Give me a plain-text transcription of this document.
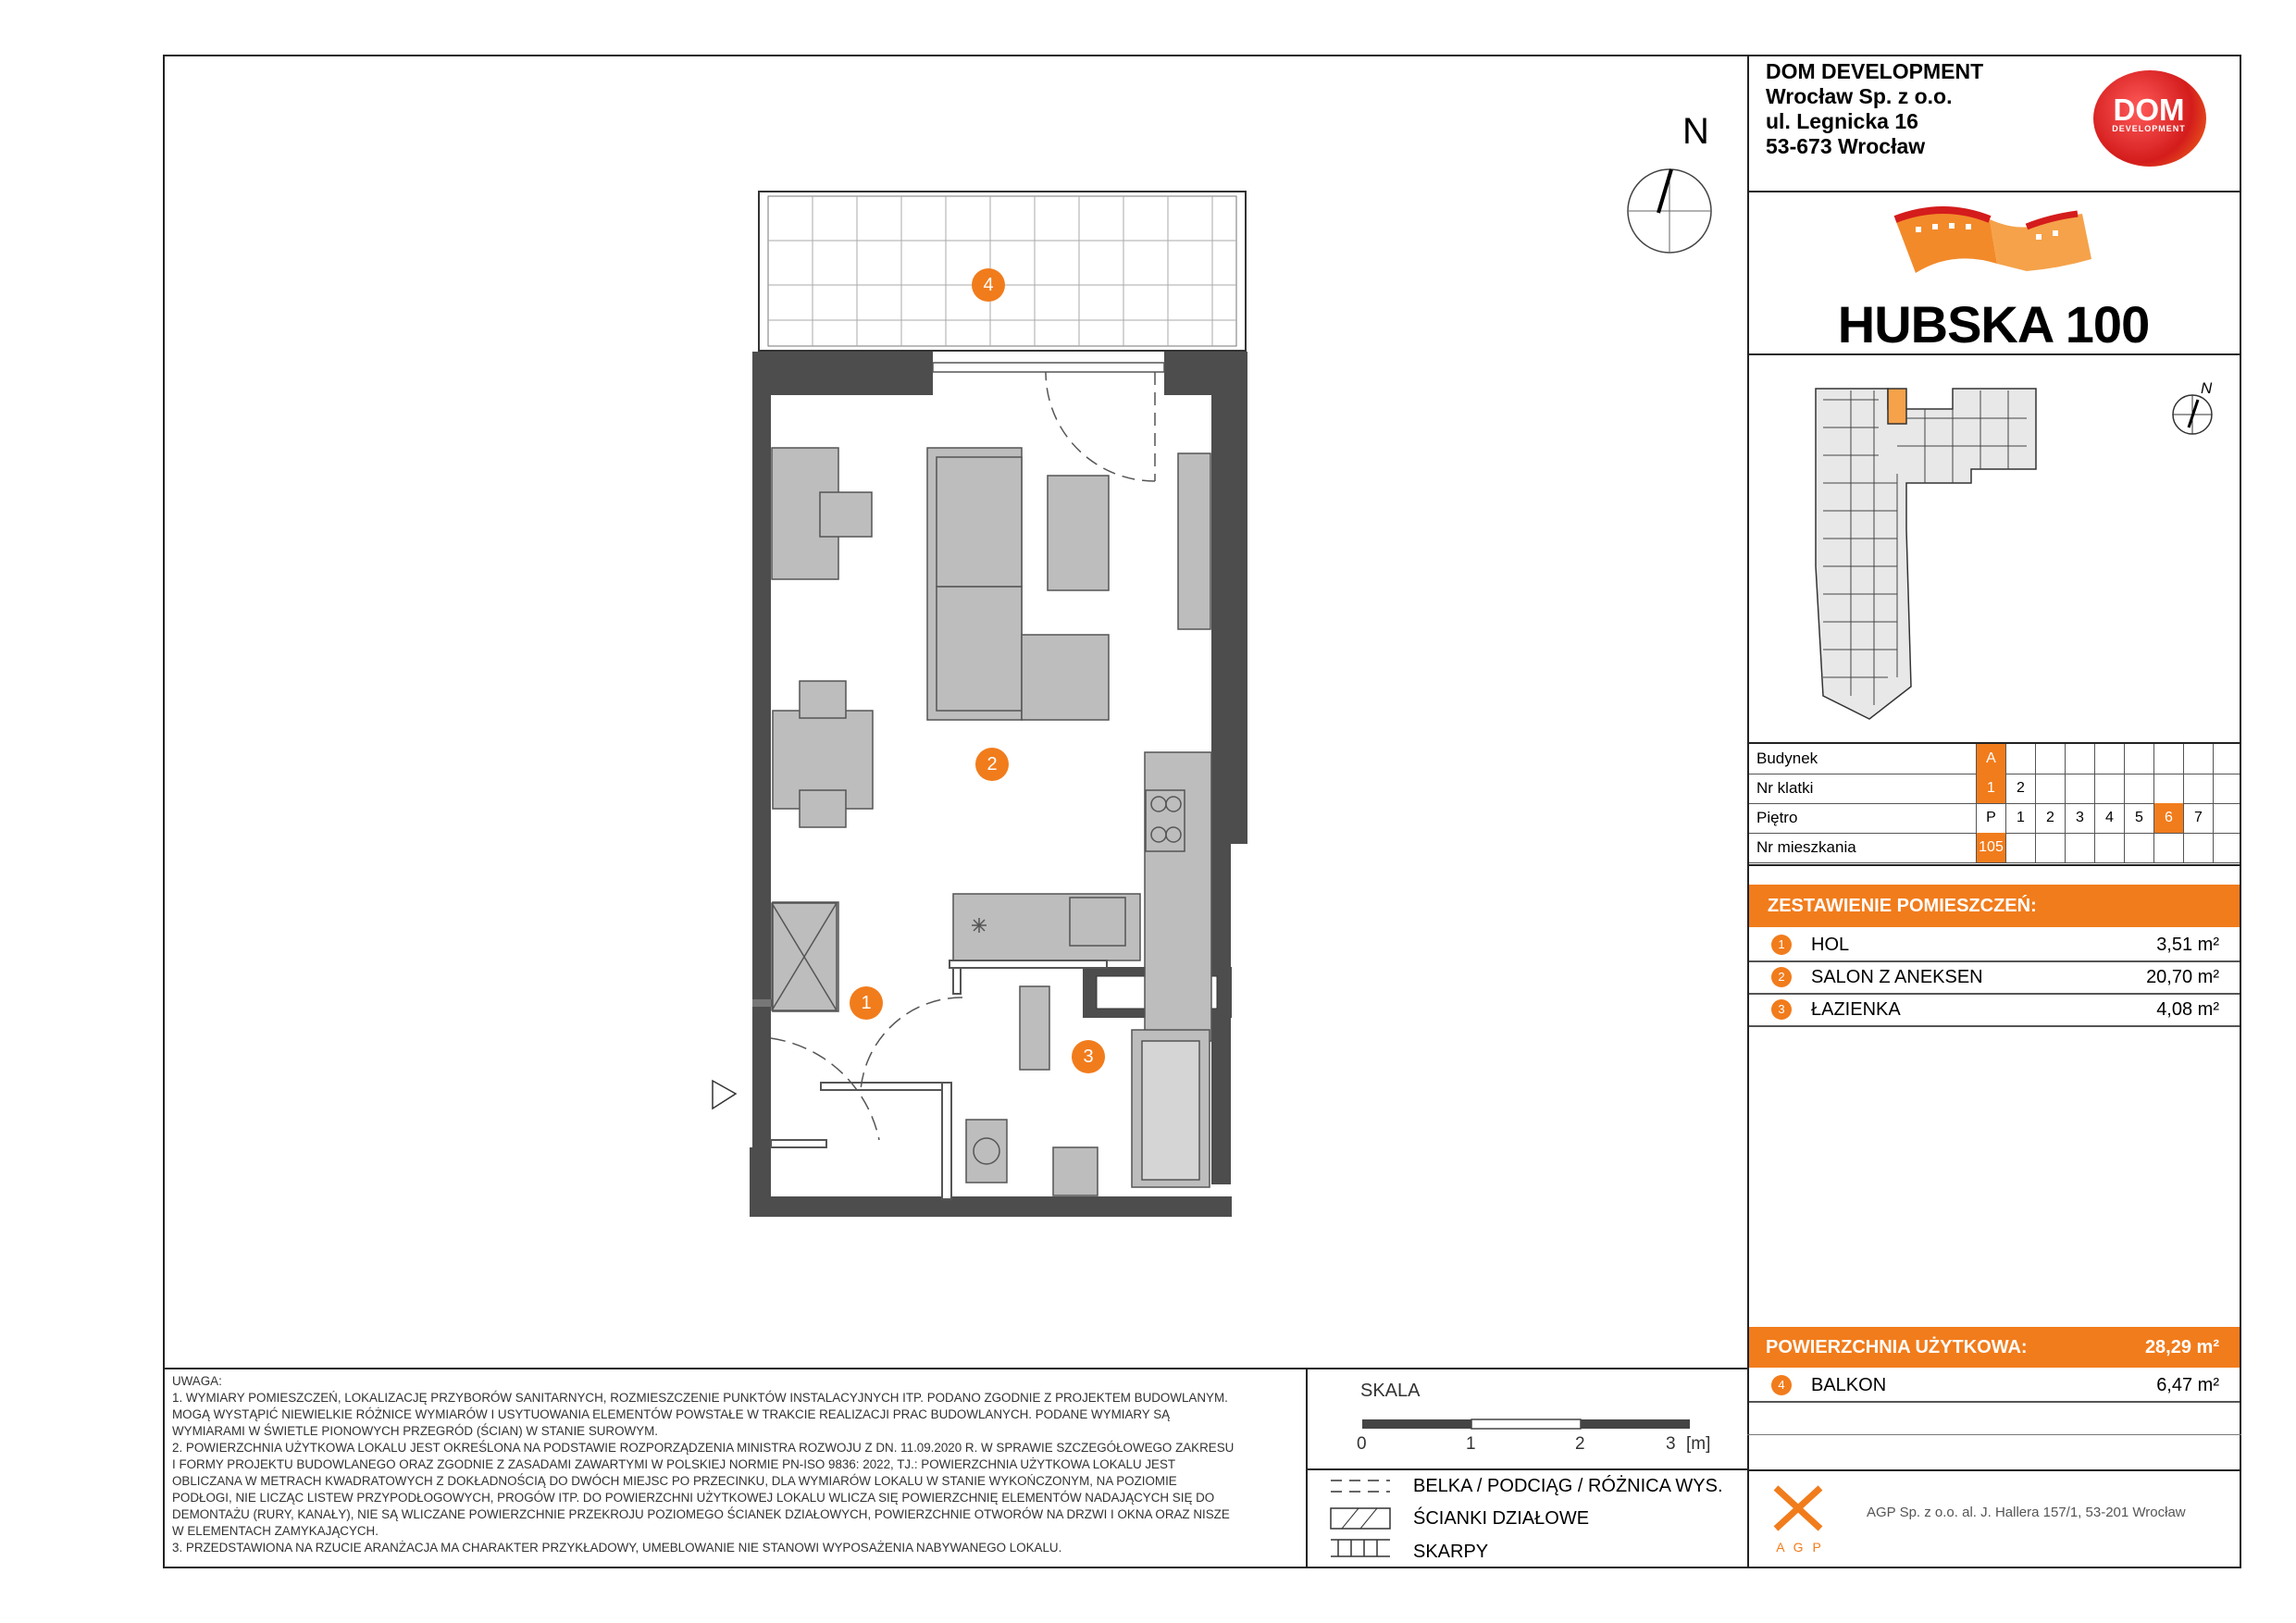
DOM DEVELOPMENT
Wrocław Sp. z o.o.
ul. Legnicka 16
53-673 Wrocław
DOM
DEVELOPMENT
HUBSKA 100
N
Budynek	A
Nr klatki	1	2
Piętro	P	1	2	3	4	5	6	7
Nr mieszkania	105
ZESTAWIENIE POMIESZCZEŃ:
1	HOL	3,51 m²
2	SALON Z ANEKSEN	20,70 m²
3	ŁAZIENKA	4,08 m²
POWIERZCHNIA UŻYTKOWA:	28,29 m²
4	BALKON	6,47 m²
A G P
AGP Sp. z o.o. al. J. Hallera 157/1, 53-201 Wrocław
UWAGA:
1. WYMIARY POMIESZCZEŃ, LOKALIZACJĘ PRZYBORÓW SANITARNYCH, ROZMIESZCZENIE PUNKTÓW INSTALACYJNYCH ITP. PODANO ZGODNIE Z PROJEKTEM BUDOWLANYM.
MOGĄ WYSTĄPIĆ NIEWIELKIE RÓŻNICE WYMIARÓW I USYTUOWANIA ELEMENTÓW POWSTAŁE W TRAKCIE REALIZACJI PRAC BUDOWLANYCH. PODANE WYMIARY SĄ
WYMIARAMI W ŚWIETLE PIONOWYCH PRZEGRÓD (ŚCIAN) W STANIE SUROWYM.
2. POWIERZCHNIA UŻYTKOWA LOKALU JEST OKREŚLONA NA PODSTAWIE ROZPORZĄDZENIA MINISTRA ROZWOJU Z DN. 11.09.2020 R. W SPRAWIE SZCZEGÓŁOWEGO ZAKRESU
I FORMY PROJEKTU BUDOWLANEGO ORAZ ZGODNIE Z ZASADAMI ZAWARTYMI W POLSKIEJ NORMIE PN-ISO 9836: 2022, TJ.: POWIERZCHNIA UŻYTKOWA LOKALU JEST
OBLICZANA W METRACH KWADRATOWYCH Z DOKŁADNOŚCIĄ DO DWÓCH MIEJSC PO PRZECINKU, DLA WYMIARÓW LOKALU W STANIE WYKOŃCZONYM, NA POZIOMIE
PODŁOGI, NIE LICZĄC LISTEW PRZYPODŁOGOWYCH, PROGÓW ITP. DO POWIERZCHNI UŻYTKOWEJ LOKALU WLICZA SIĘ POWIERZCHNIĘ ELEMENTÓW NADAJĄCYCH SIĘ DO
DEMONTAŻU (RURY, KANAŁY), NIE SĄ WLICZANE POWIERZCHNIE PRZEKROJU POZIOMEGO ŚCIANEK DZIAŁOWYCH, POWIERZCHNIE OTWORÓW NA DRZWI I OKNA ORAZ NISZE
W ELEMENTACH ZAMYKAJĄCYCH.
3. PRZEDSTAWIONA NA RZUCIE ARANŻACJA MA CHARAKTER PRZYKŁADOWY, UMEBLOWANIE NIE STANOWI WYPOSAŻENIA NABYWANEGO LOKALU.
SKALA
0	1	2	3 [m]
BELKA / PODCIĄG / RÓŻNICA WYS.
ŚCIANKI DZIAŁOWE
SKARPY
N
4
2
1
3
